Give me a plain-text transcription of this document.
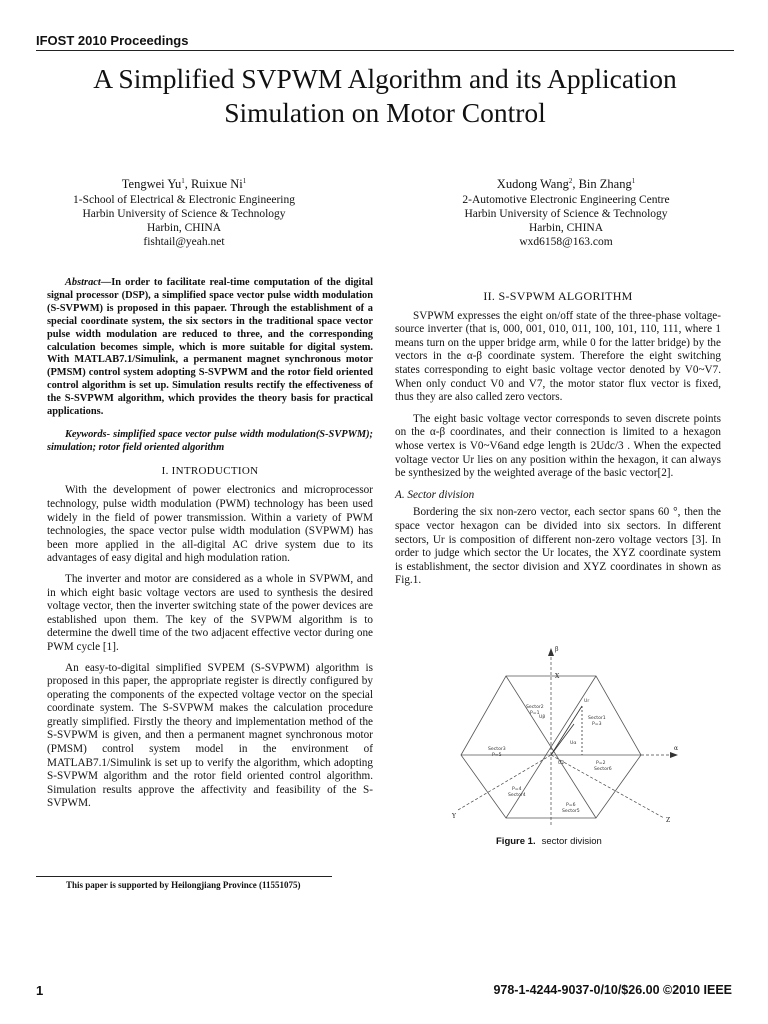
IFOST 2010 Proceedings
A Simplified SVPWM Algorithm and its Application
Simulation on Motor Control
Tengwei Yu$^1$, Ruixue Ni$^1$
1-School of Electrical & Electronic Engineering
Harbin University of Science & Technology
Harbin, CHINA
fishtail@yeah.net
Xudong Wang$^2$, Bin Zhang$^1$
2-Automotive Electronic Engineering Centre
Harbin University of Science & Technology
Harbin, CHINA
wxd6158@163.com

Abstract—In order to facilitate real-time computation of the digital signal processor (DSP), a simplified space vector pulse width modulation (S-SVPWM) is proposed in this papaer. Through the establishment of a special coordinate system, the six sectors in the traditional space vector pulse width modulation are reduced to three, and the corresponding calculation becomes simple, which is more suitable for digital system. With MATLAB7.1/Simulink, a permanent magnet synchronous motor (PMSM) control system adopting S-SVPWM and the rotor field oriented control algorithm is set up. Simulation results rectify the effectiveness of the S-SVPWM algorithm, which provides the theory basis for practical applications.

Keywords- simplified space vector pulse width modulation(S-SVPWM); simulation; rotor field oriented algorithm

I. INTRODUCTION

With the development of power electronics and microprocessor technology, pulse width modulation (PWM) technology has been used widely in the field of power transmission. Within a variety of PWM technologies, the space vector pulse width modulation (SVPWM) has been more applied in the all-digital AC drive system due to its advantages of easy digital and high modulation ration.

The inverter and motor are considered as a whole in SVPWM, and in which eight basic voltage vectors are used to synthesis the desired voltage vector, then the inverter switching state of the power devices are established upon them. The key of the SVPWM algorithm is to determine the dwell time of the two adjacent effective vector during one PWM cycle [1].

An easy-to-digital simplified SVPEM (S-SVPWM) algorithm is proposed in this paper, the appropriate register is directly configured by operating the components of the expected voltage vector on the special coordinate system. The S-SVPWM makes the calculation procedure greatly simplified. Firstly the theory and implementation method of the S-SVPWM is given, and then a permanent magnet synchronous motor (PMSM) control system model in the environment of MATLAB7.1/Simulink is set up to verify the algorithm, which adopting S-SVPWM algorithm and the rotor field oriented control algorithm. Simulation results approve the affectivity and feasibility of the S-SVPWM.

II. S-SVPWM ALGORITHM

SVPWM expresses the eight on/off state of the three-phase voltage-source inverter (that is, 000, 001, 010, 011, 100, 101, 110, 111, where 1 means turn on the upper bridge arm, while 0 for the latter bridge) by the vectors in the α-β coordinate system. Therefore the eight switching states corresponding to eight basic voltage vector denoted by V0~V7. When only conduct V0 and V7, the motor stator flux vector is fixed, thus they are also called zero vectors.

The eight basic voltage vector corresponds to seven discrete points on the α-β coordinates, and their connection is limited to a hexagon whose vertex is V0~V6and edge length is 2Udc/3 . When the expected voltage vector Ur lies on any position within the hexagon, it can always be synthesized by the weighted average of the basic vector[2].

A. Sector division

Bordering the six non-zero vector, each sector spans 60 °, then the space vector hexagon can be divided into six sectors. In different sectors, Ur is composition of different non-zero voltage vectors [3]. In order to judge which sector the Ur locates, the XYZ coordinate system is establishment, the sector division and XYZ coordinates in shown as Fig.1.

β
α
X
Y
Z
Sector2
P=1
Sector1
P=3
Sector3
P=5
P=2
Sector6
P=4
Sector4
P=6
Sector5
Uβ
Uα
Ur
U2
Figure 1. sector division
This paper is supported by Heilongjiang Province (11551075)
1	978-1-4244-9037-0/10/$26.00 ©2010 IEEE
